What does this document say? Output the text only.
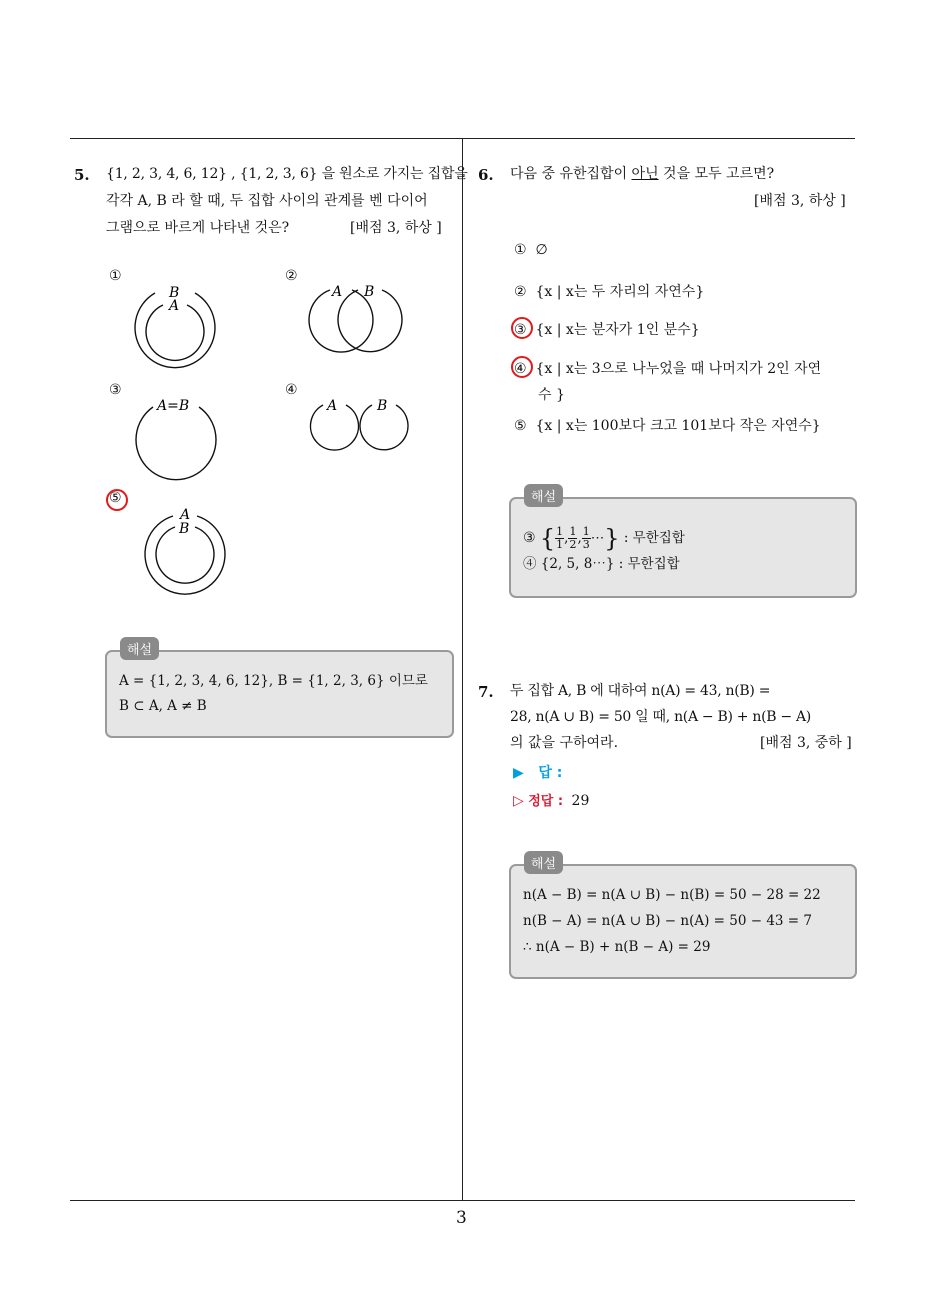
5. {1, 2, 3, 4, 6, 12} , {1, 2, 3, 6} 을 원소로 가지는 집합을
각각 A, B 라 할 때, 두 집합 사이의 관계를 벤 다이어
그램으로 바르게 나타낸 것은?	[배점 3, 하상 ]
①
B
A
②
A B
③
A=B
④
A	B
⑤
A
B
A = {1, 2, 3, 4, 6, 12}, B = {1, 2, 3, 6} 이므로
B ⊂ A, A ≠ B
해설
6. 다음 중 유한집합이 아닌 것을 모두 고르면?
[배점 3, 하상 ]
① ∅
② {x | x는 두 자리의 자연수}
③ {x | x는 분자가 1인 분수}
④ {x | x는 3으로 나누었을 때 나머지가 2인 자연
수 }
⑤ {x | x는 100보다 크고 101보다 작은 자연수}
③ { $\frac{1}{1}$ , $\frac{1}{2}$ , $\frac{1}{3}$ ⋯} : 무한집합
④ {2, 5, 8⋯} : 무한집합
해설
7. 두 집합 A, B 에 대하여 n(A) = 43, n(B) =
28, n(A ∪ B) = 50 일 때, n(A − B) + n(B − A)
의 값을 구하여라.	[배점 3, 중하 ]
▶ 답 :
▷ 정답 : 29
n(A − B) = n(A ∪ B) − n(B) = 50 − 28 = 22
n(B − A) = n(A ∪ B) − n(A) = 50 − 43 = 7
∴ n(A − B) + n(B − A) = 29
해설
3
